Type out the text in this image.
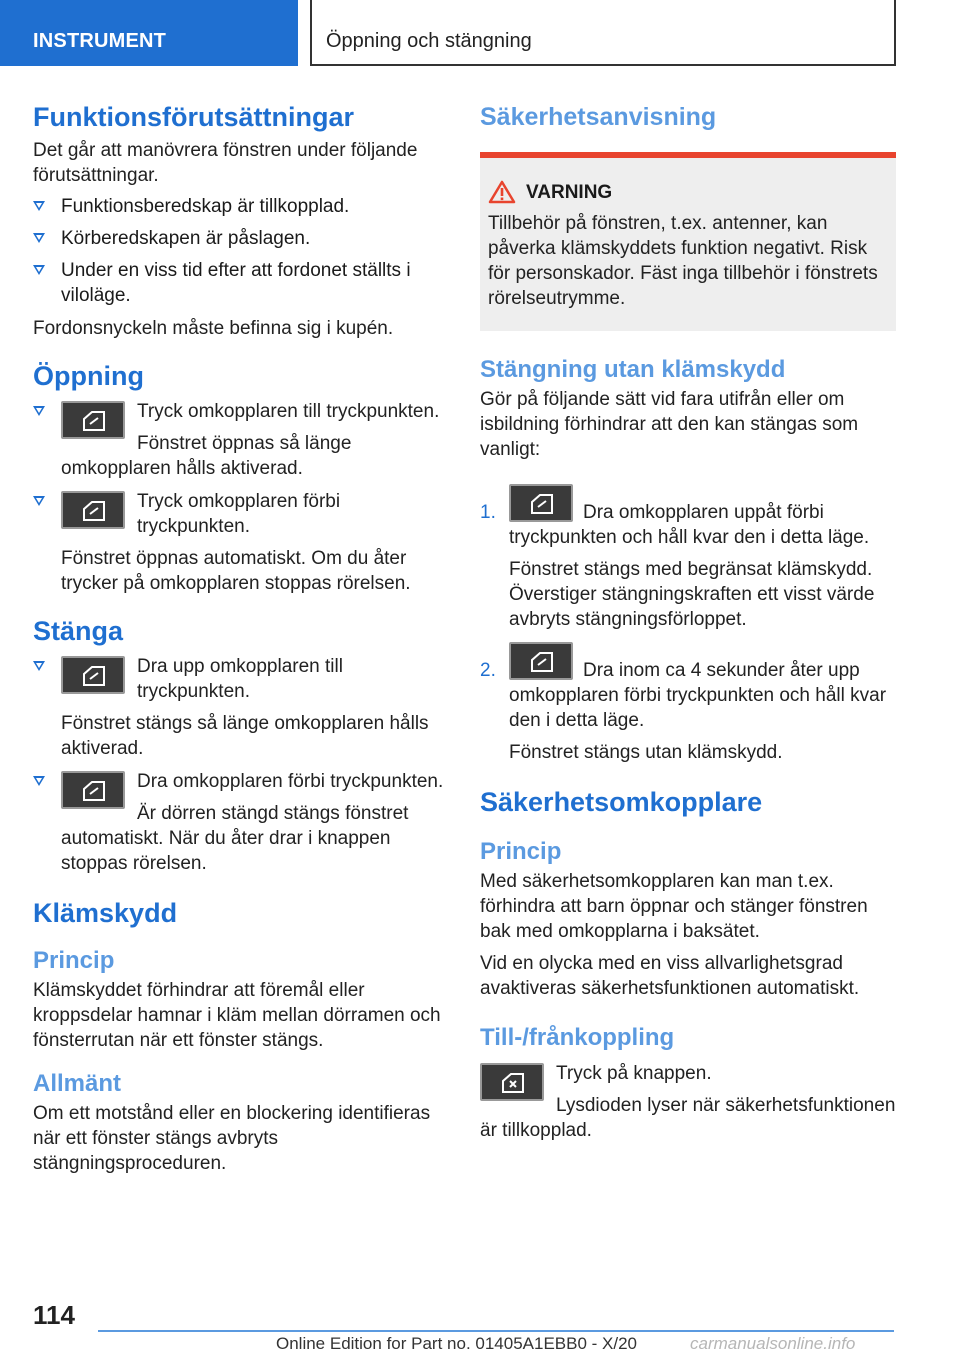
INSTRUMENT	Öppning och stängning
Funktionsförutsättningar

Det går att manövrera fönstren under följande förutsättningar.

Funktionsberedskap är tillkopplad.
Körberedskapen är påslagen.
Under en viss tid efter att fordonet ställts i viloläge.

Fordonsnyckeln måste befinna sig i kupén.

Öppning

Tryck omkopplaren till tryckpunkten.

Fönstret öppnas så länge omkopplaren hålls aktiverad.

Tryck omkopplaren förbi tryckpunkten.

Fönstret öppnas automatiskt. Om du åter trycker på omkopplaren stoppas rörelsen.

Stänga

Dra upp omkopplaren till tryckpunkten.

Fönstret stängs så länge omkopplaren hålls aktiverad.

Dra omkopplaren förbi tryckpunkten.

Är dörren stängd stängs fönstret automatiskt. När du åter drar i knappen stoppas rörelsen.

Klämskydd
Princip

Klämskyddet förhindrar att föremål eller kroppsdelar hamnar i kläm mellan dörramen och fönsterrutan när ett fönster stängs.

Allmänt

Om ett motstånd eller en blockering identifieras när ett fönster stängs avbryts stängningsproceduren.

Säkerhetsanvisning
VARNING

Tillbehör på fönstren, t.ex. antenner, kan påverka klämskyddets funktion negativt. Risk för personskador. Fäst inga tillbehör i fönstrets rörelseutrymme.

Stängning utan klämskydd

Gör på följande sätt vid fara utifrån eller om isbildning förhindrar att den kan stängas som vanligt:

1.	Dra omkopplaren uppåt förbi tryckpunkten och håll kvar den i detta läge.

Fönstret stängs med begränsat klämskydd. Överstiger stängningskraften ett visst värde avbryts stängningsförloppet.

2.	Dra inom ca 4 sekunder åter upp omkopplaren förbi tryckpunkten och håll kvar den i detta läge.

Fönstret stängs utan klämskydd.

Säkerhetsomkopplare
Princip

Med säkerhetsomkopplaren kan man t.ex. förhindra att barn öppnar och stänger fönstren bak med omkopplarna i baksätet.

Vid en olycka med en viss allvarlighetsgrad avaktiveras säkerhetsfunktionen automatiskt.

Till-/frånkoppling

Tryck på knappen.

Lysdioden lyser när säkerhetsfunktionen är tillkopplad.

114
Online Edition for Part no. 01405A1EBB0 - X/20	carmanualsonline.info
